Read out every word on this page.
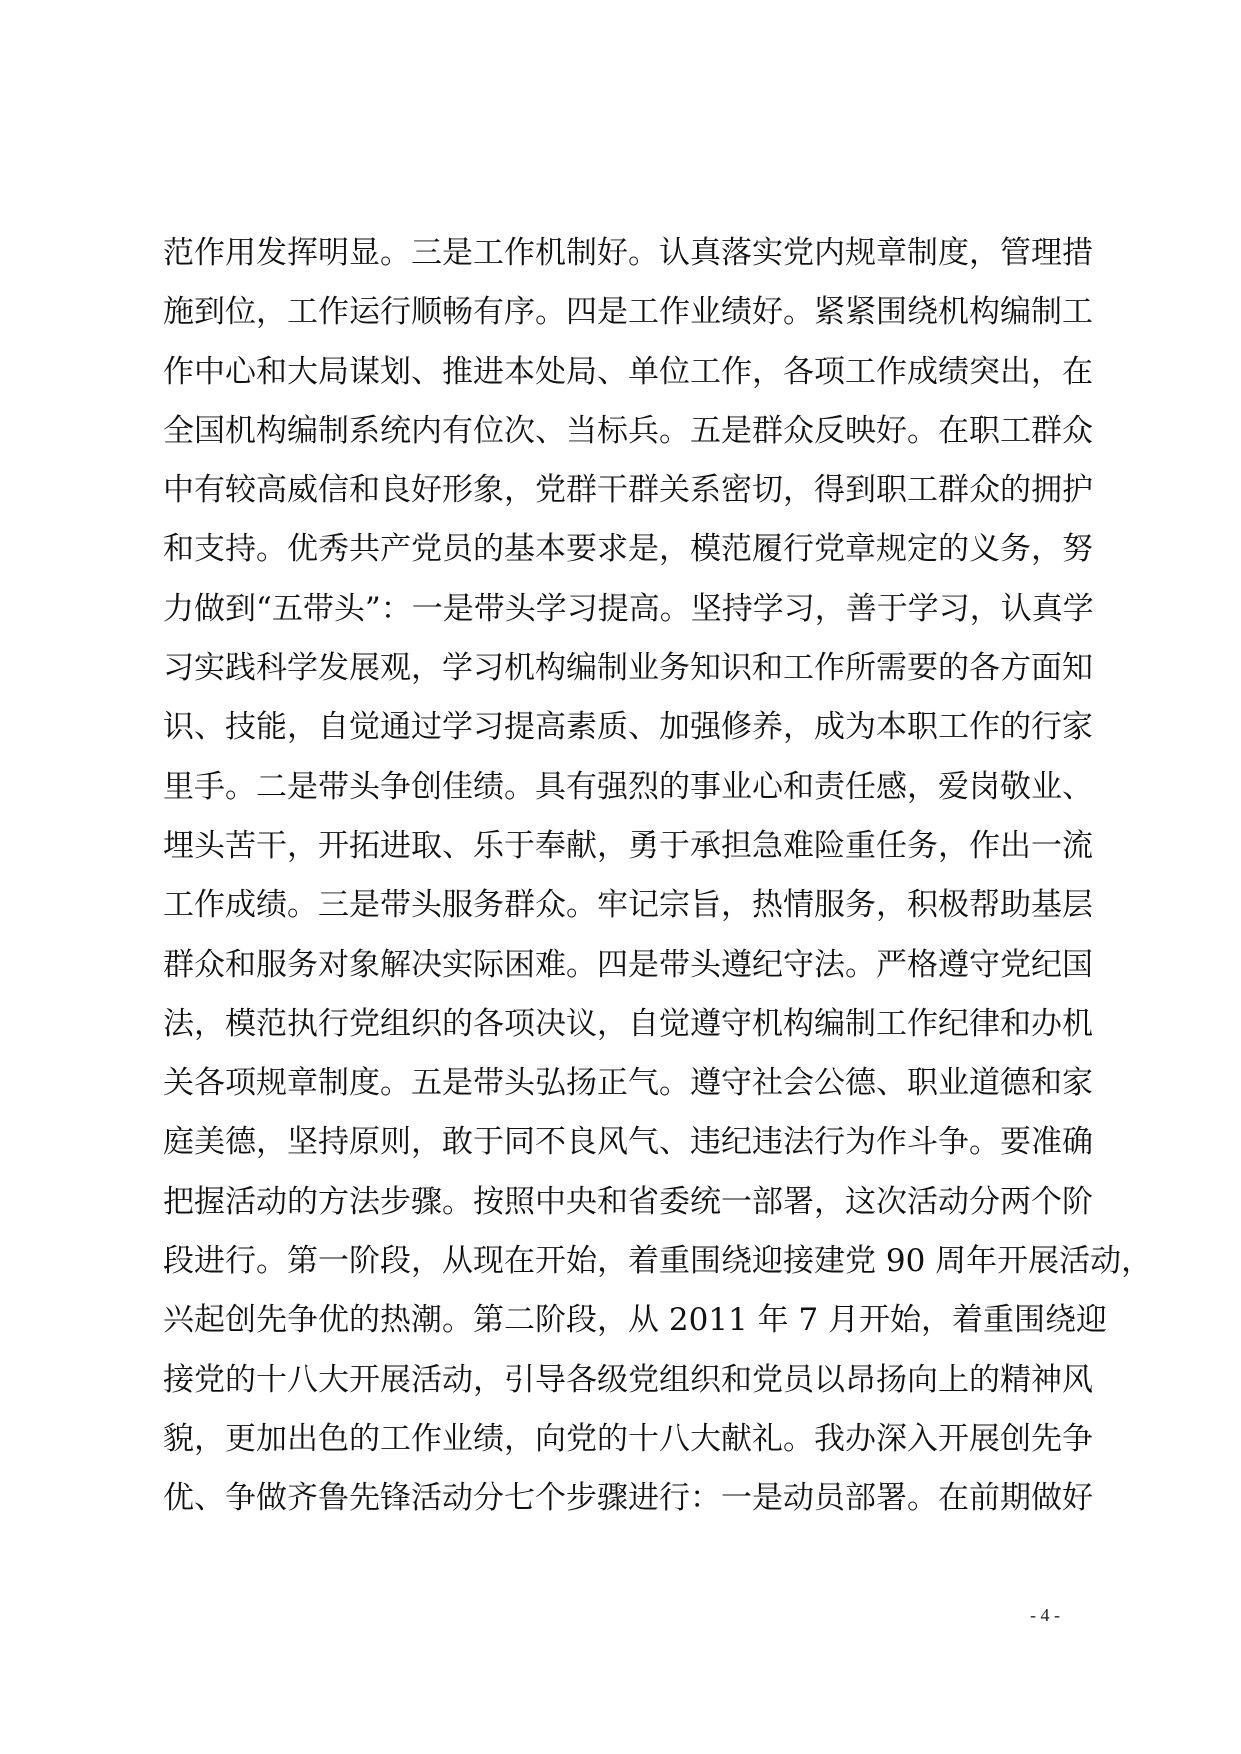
范作用发挥明显。三是工作机制好。认真落实党内规章制度，管理措
施到位，工作运行顺畅有序。四是工作业绩好。紧紧围绕机构编制工
作中心和大局谋划、推进本处局、单位工作，各项工作成绩突出，在
全国机构编制系统内有位次、当标兵。五是群众反映好。在职工群众
中有较高威信和良好形象，党群干群关系密切，得到职工群众的拥护
和支持。优秀共产党员的基本要求是，模范履行党章规定的义务，努
力做到“五带头”：一是带头学习提高。坚持学习，善于学习，认真学
习实践科学发展观，学习机构编制业务知识和工作所需要的各方面知
识、技能，自觉通过学习提高素质、加强修养，成为本职工作的行家
里手。二是带头争创佳绩。具有强烈的事业心和责任感，爱岗敬业、
埋头苦干，开拓进取、乐于奉献，勇于承担急难险重任务，作出一流
工作成绩。三是带头服务群众。牢记宗旨，热情服务，积极帮助基层
群众和服务对象解决实际困难。四是带头遵纪守法。严格遵守党纪国
法，模范执行党组织的各项决议，自觉遵守机构编制工作纪律和办机
关各项规章制度。五是带头弘扬正气。遵守社会公德、职业道德和家
庭美德，坚持原则，敢于同不良风气、违纪违法行为作斗争。要准确
把握活动的方法步骤。按照中央和省委统一部署，这次活动分两个阶
段进行。第一阶段，从现在开始，着重围绕迎接建党 90 周年开展活动，
兴起创先争优的热潮。第二阶段，从 2011 年 7 月开始，着重围绕迎
接党的十八大开展活动，引导各级党组织和党员以昂扬向上的精神风
貌，更加出色的工作业绩，向党的十八大献礼。我办深入开展创先争
优、争做齐鲁先锋活动分七个步骤进行：一是动员部署。在前期做好
- 4 -
